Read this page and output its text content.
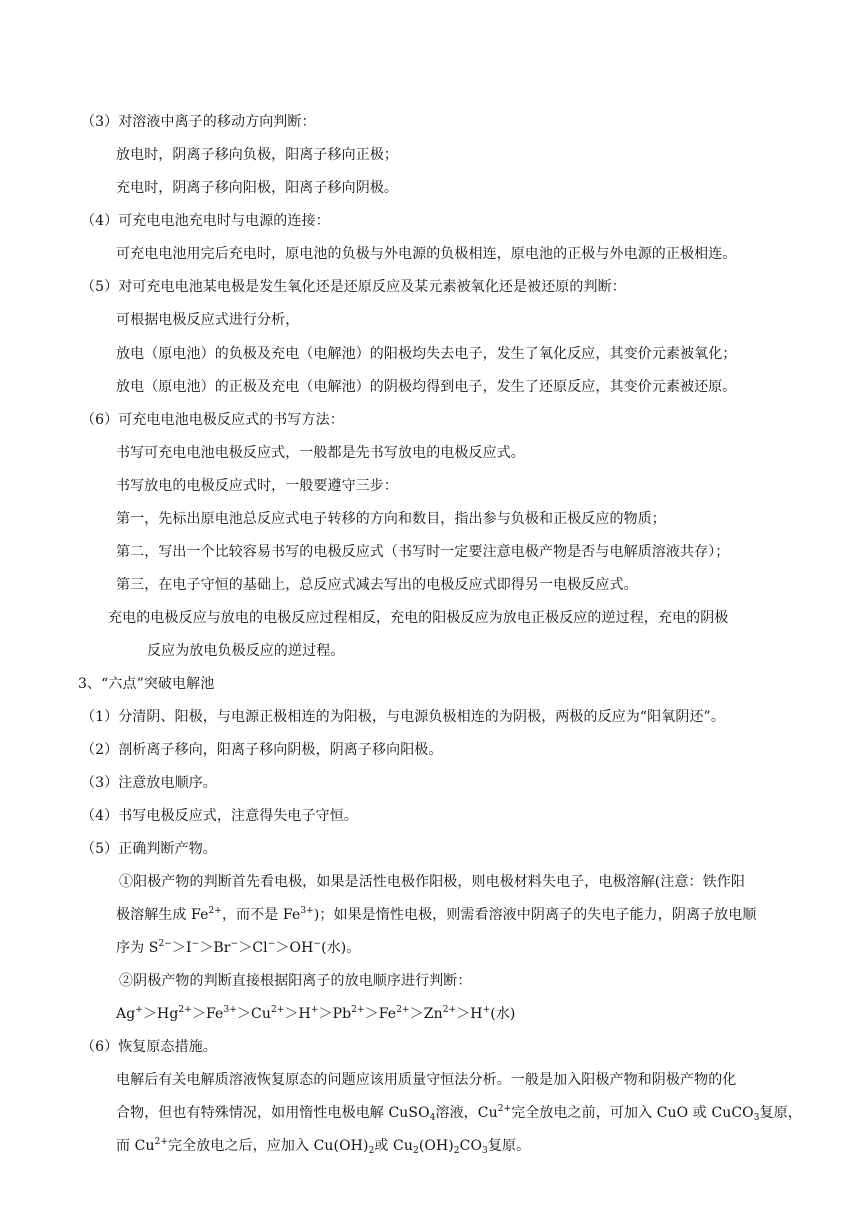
（3）对溶液中离子的移动方向判断：
放电时，阴离子移向负极，阳离子移向正极；
充电时，阴离子移向阳极，阳离子移向阴极。
（4）可充电电池充电时与电源的连接：
可充电电池用完后充电时，原电池的负极与外电源的负极相连，原电池的正极与外电源的正极相连。
（5）对可充电电池某电极是发生氧化还是还原反应及某元素被氧化还是被还原的判断：
可根据电极反应式进行分析，
放电（原电池）的负极及充电（电解池）的阳极均失去电子，发生了氧化反应，其变价元素被氧化；
放电（原电池）的正极及充电（电解池）的阴极均得到电子，发生了还原反应，其变价元素被还原。
（6）可充电电池电极反应式的书写方法：
书写可充电电池电极反应式，一般都是先书写放电的电极反应式。
书写放电的电极反应式时，一般要遵守三步：
第一，先标出原电池总反应式电子转移的方向和数目，指出参与负极和正极反应的物质；
第二，写出一个比较容易书写的电极反应式（书写时一定要注意电极产物是否与电解质溶液共存）；
第三，在电子守恒的基础上，总反应式减去写出的电极反应式即得另一电极反应式。
充电的电极反应与放电的电极反应过程相反，充电的阳极反应为放电正极反应的逆过程，充电的阴极
反应为放电负极反应的逆过程。
3、“六点”突破电解池
（1）分清阴、阳极，与电源正极相连的为阳极，与电源负极相连的为阴极，两极的反应为“阳氧阴还”。
（2）剖析离子移向，阳离子移向阴极，阴离子移向阳极。
（3）注意放电顺序。
（4）书写电极反应式，注意得失电子守恒。
（5）正确判断产物。
①阳极产物的判断首先看电极，如果是活性电极作阳极，则电极材料失电子，电极溶解(注意：铁作阳
极溶解生成 $Fe^{2+}$，而不是 $Fe^{3+}$)；如果是惰性电极，则需看溶液中阴离子的失电子能力，阴离子放电顺
序为 $S^{2-}>I^->Br^->Cl^->OH^-$(水)。
②阴极产物的判断直接根据阳离子的放电顺序进行判断：
$Ag^+>Hg^{2+}>Fe^{3+}>Cu^{2+}>H^+>Pb^{2+}>Fe^{2+}>Zn^{2+}>H^+$(水)
（6）恢复原态措施。
电解后有关电解质溶液恢复原态的问题应该用质量守恒法分析。一般是加入阳极产物和阴极产物的化
合物，但也有特殊情况，如用惰性电极电解 CuSO$_4$溶液，$Cu^{2+}$完全放电之前，可加入 CuO 或 CuCO$_3$复原，
而 $Cu^{2+}$完全放电之后，应加入 $Cu(OH)_2$或 $Cu_2(OH)_2CO_3$复原。
